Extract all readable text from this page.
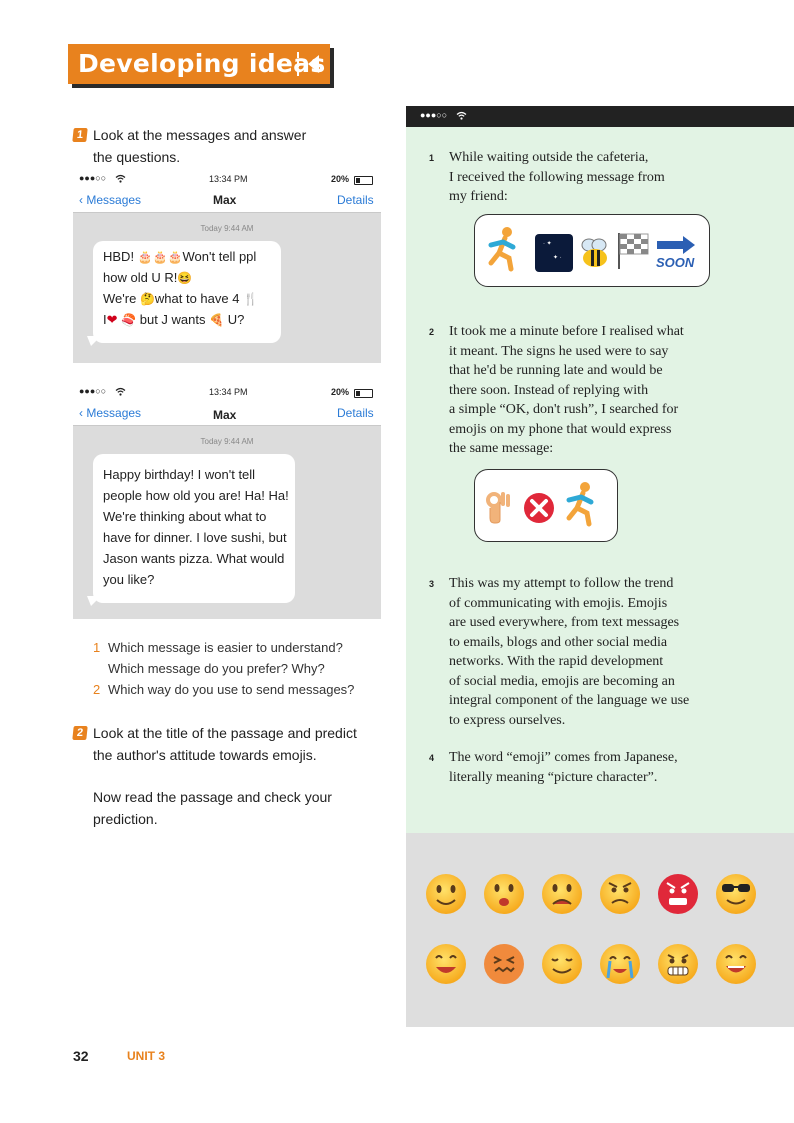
Developing ideas
1 Look at the messages and answer
the questions.
●●●○○	13:34 PM	20%
‹ Messages	Max	Details
Today 9:44 AM
HBD! 🎂🎂🎂Won't tell ppl
how old U R!😆
We're 🤔what to have 4 🍴
I❤ 🍣 but J wants 🍕 U?
●●●○○	13:34 PM	20%
‹ Messages	Max	Details
Today 9:44 AM
Happy birthday! I won't tell
people how old you are! Ha! Ha!
We're thinking about what to
have for dinner. I love sushi, but
Jason wants pizza. What would
you like?
1 Which message is easier to understand?
Which message do you prefer? Why?
2 Which way do you use to send messages?
2 Look at the title of the passage and predict
the author's attitude towards emojis.
Now read the passage and check your
prediction.
●●●○○
1 While waiting outside the cafeteria,
I received the following message from
my friend:
· ✦
✦ ·	SOON
2 It took me a minute before I realised what
it meant. The signs he used were to say
that he'd be running late and would be
there soon. Instead of replying with
a simple “OK, don't rush”, I searched for
emojis on my phone that would express
the same message:
3 This was my attempt to follow the trend
of communicating with emojis. Emojis
are used everywhere, from text messages
to emails, blogs and other social media
networks. With the rapid development
of social media, emojis are becoming an
integral component of the language we use
to express ourselves.
4 The word “emoji” comes from Japanese,
literally meaning “picture character”.
32	UNIT 3
